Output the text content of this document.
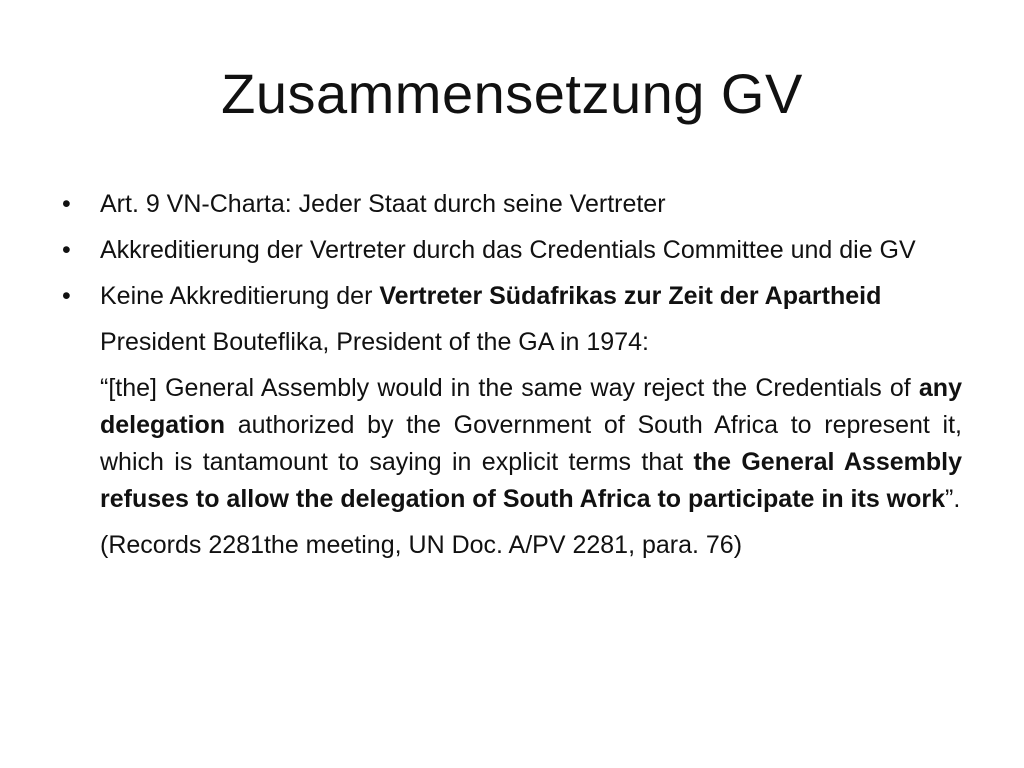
Zusammensetzung GV

• Art. 9 VN-Charta: Jeder Staat durch seine Vertreter

• Akkreditierung der Vertreter durch das Credentials Committee und die GV

• Keine Akkreditierung der Vertreter Südafrikas zur Zeit der Apartheid

President Bouteflika, President of the GA in 1974:

“[the] General Assembly would in the same way reject the Credentials of any delegation authorized by the Government of South Africa to represent it, which is tantamount to saying in explicit terms that the General Assembly refuses to allow the delegation of South Africa to participate in its work”.

(Records 2281the meeting, UN Doc. A/PV 2281, para. 76)
